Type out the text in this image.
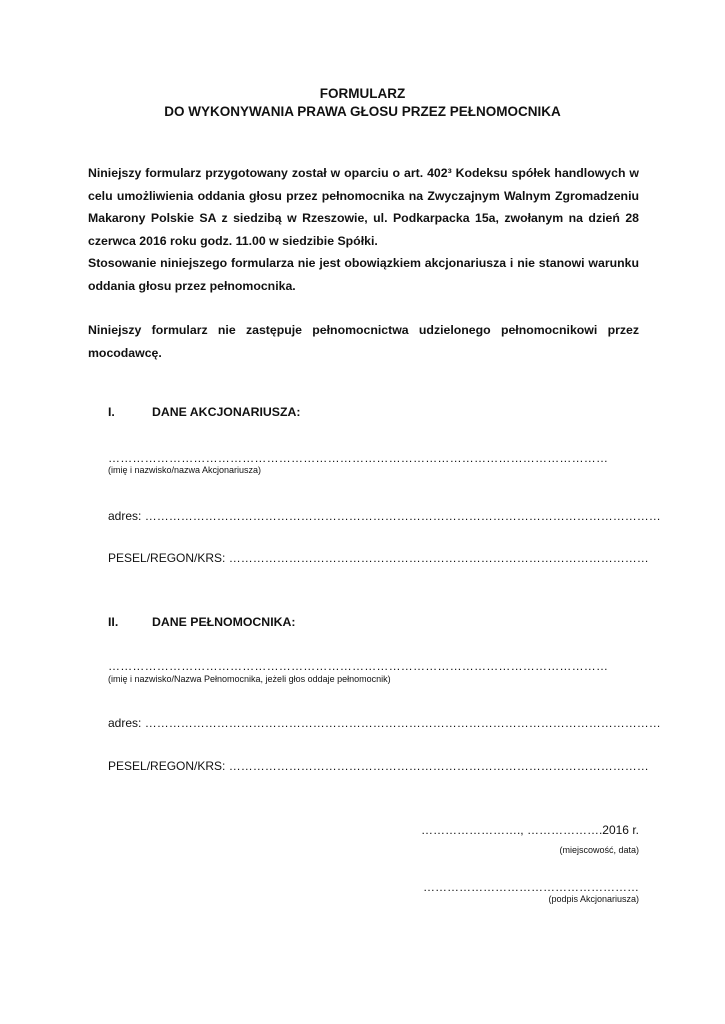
FORMULARZ
DO WYKONYWANIA PRAWA GŁOSU PRZEZ PEŁNOMOCNIKA

Niniejszy formularz przygotowany został w oparciu o art. 402³ Kodeksu spółek handlowych w celu umożliwienia oddania głosu przez pełnomocnika na Zwyczajnym Walnym Zgromadzeniu Makarony Polskie SA z siedzibą w Rzeszowie, ul. Podkarpacka 15a, zwołanym na dzień 28 czerwca 2016 roku godz. 11.00 w siedzibie Spółki.

Stosowanie niniejszego formularza nie jest obowiązkiem akcjonariusza i nie stanowi warunku oddania głosu przez pełnomocnika.

Niniejszy formularz nie zastępuje pełnomocnictwa udzielonego pełnomocnikowi przez mocodawcę.

I.	DANE AKCJONARIUSZA:
……………………………………………………………………………………………………………
(imię i nazwisko/nazwa Akcjonariusza)
adres: …………………………………………………………………………………………………………………
PESEL/REGON/KRS: ……………………………………………………………………………………………
II.	DANE PEŁNOMOCNIKA:
……………………………………………………………………………………………………………
(imię i nazwisko/Nazwa Pełnomocnika, jeżeli głos oddaje pełnomocnik)
adres: …………………………………………………………………………………………………………………
PESEL/REGON/KRS: ……………………………………………………………………………………………
……………………., ……………….2016 r.
(miejscowość, data)
………………………………………………
(podpis Akcjonariusza)
